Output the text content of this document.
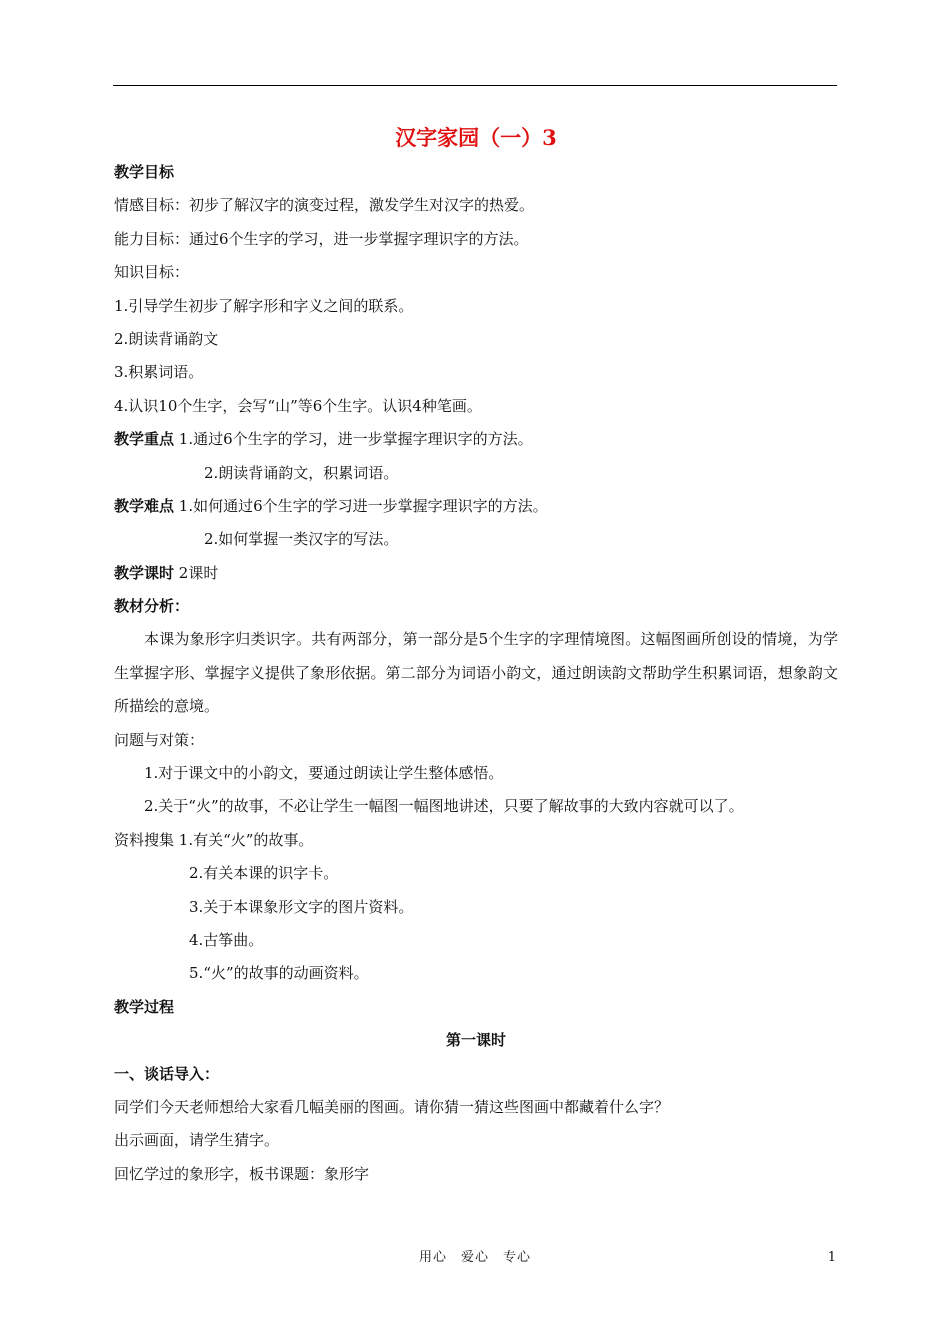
汉字家园（一）3
教学目标
情感目标：初步了解汉字的演变过程，激发学生对汉字的热爱。
能力目标：通过6个生字的学习，进一步掌握字理识字的方法。
知识目标：
1.引导学生初步了解字形和字义之间的联系。
2.朗读背诵韵文
3.积累词语。
4.认识10个生字，会写“山”等6个生字。认识4种笔画。
教学重点 1.通过6个生字的学习，进一步掌握字理识字的方法。
2.朗读背诵韵文，积累词语。
教学难点 1.如何通过6个生字的学习进一步掌握字理识字的方法。
2.如何掌握一类汉字的写法。
教学课时 2课时
教材分析：
本课为象形字归类识字。共有两部分，第一部分是5个生字的字理情境图。这幅图画所创设的情境，为学生掌握字形、掌握字义提供了象形依据。第二部分为词语小韵文，通过朗读韵文帮助学生积累词语，想象韵文所描绘的意境。
问题与对策：
1.对于课文中的小韵文，要通过朗读让学生整体感悟。
2.关于“火”的故事，不必让学生一幅图一幅图地讲述，只要了解故事的大致内容就可以了。
资料搜集 1.有关“火”的故事。
2.有关本课的识字卡。
3.关于本课象形文字的图片资料。
4.古筝曲。
5.“火”的故事的动画资料。
教学过程
第一课时
一、谈话导入：
同学们今天老师想给大家看几幅美丽的图画。请你猜一猜这些图画中都藏着什么字？
出示画面，请学生猜字。
回忆学过的象形字，板书课题：象形字
用心　爱心　专心	1
